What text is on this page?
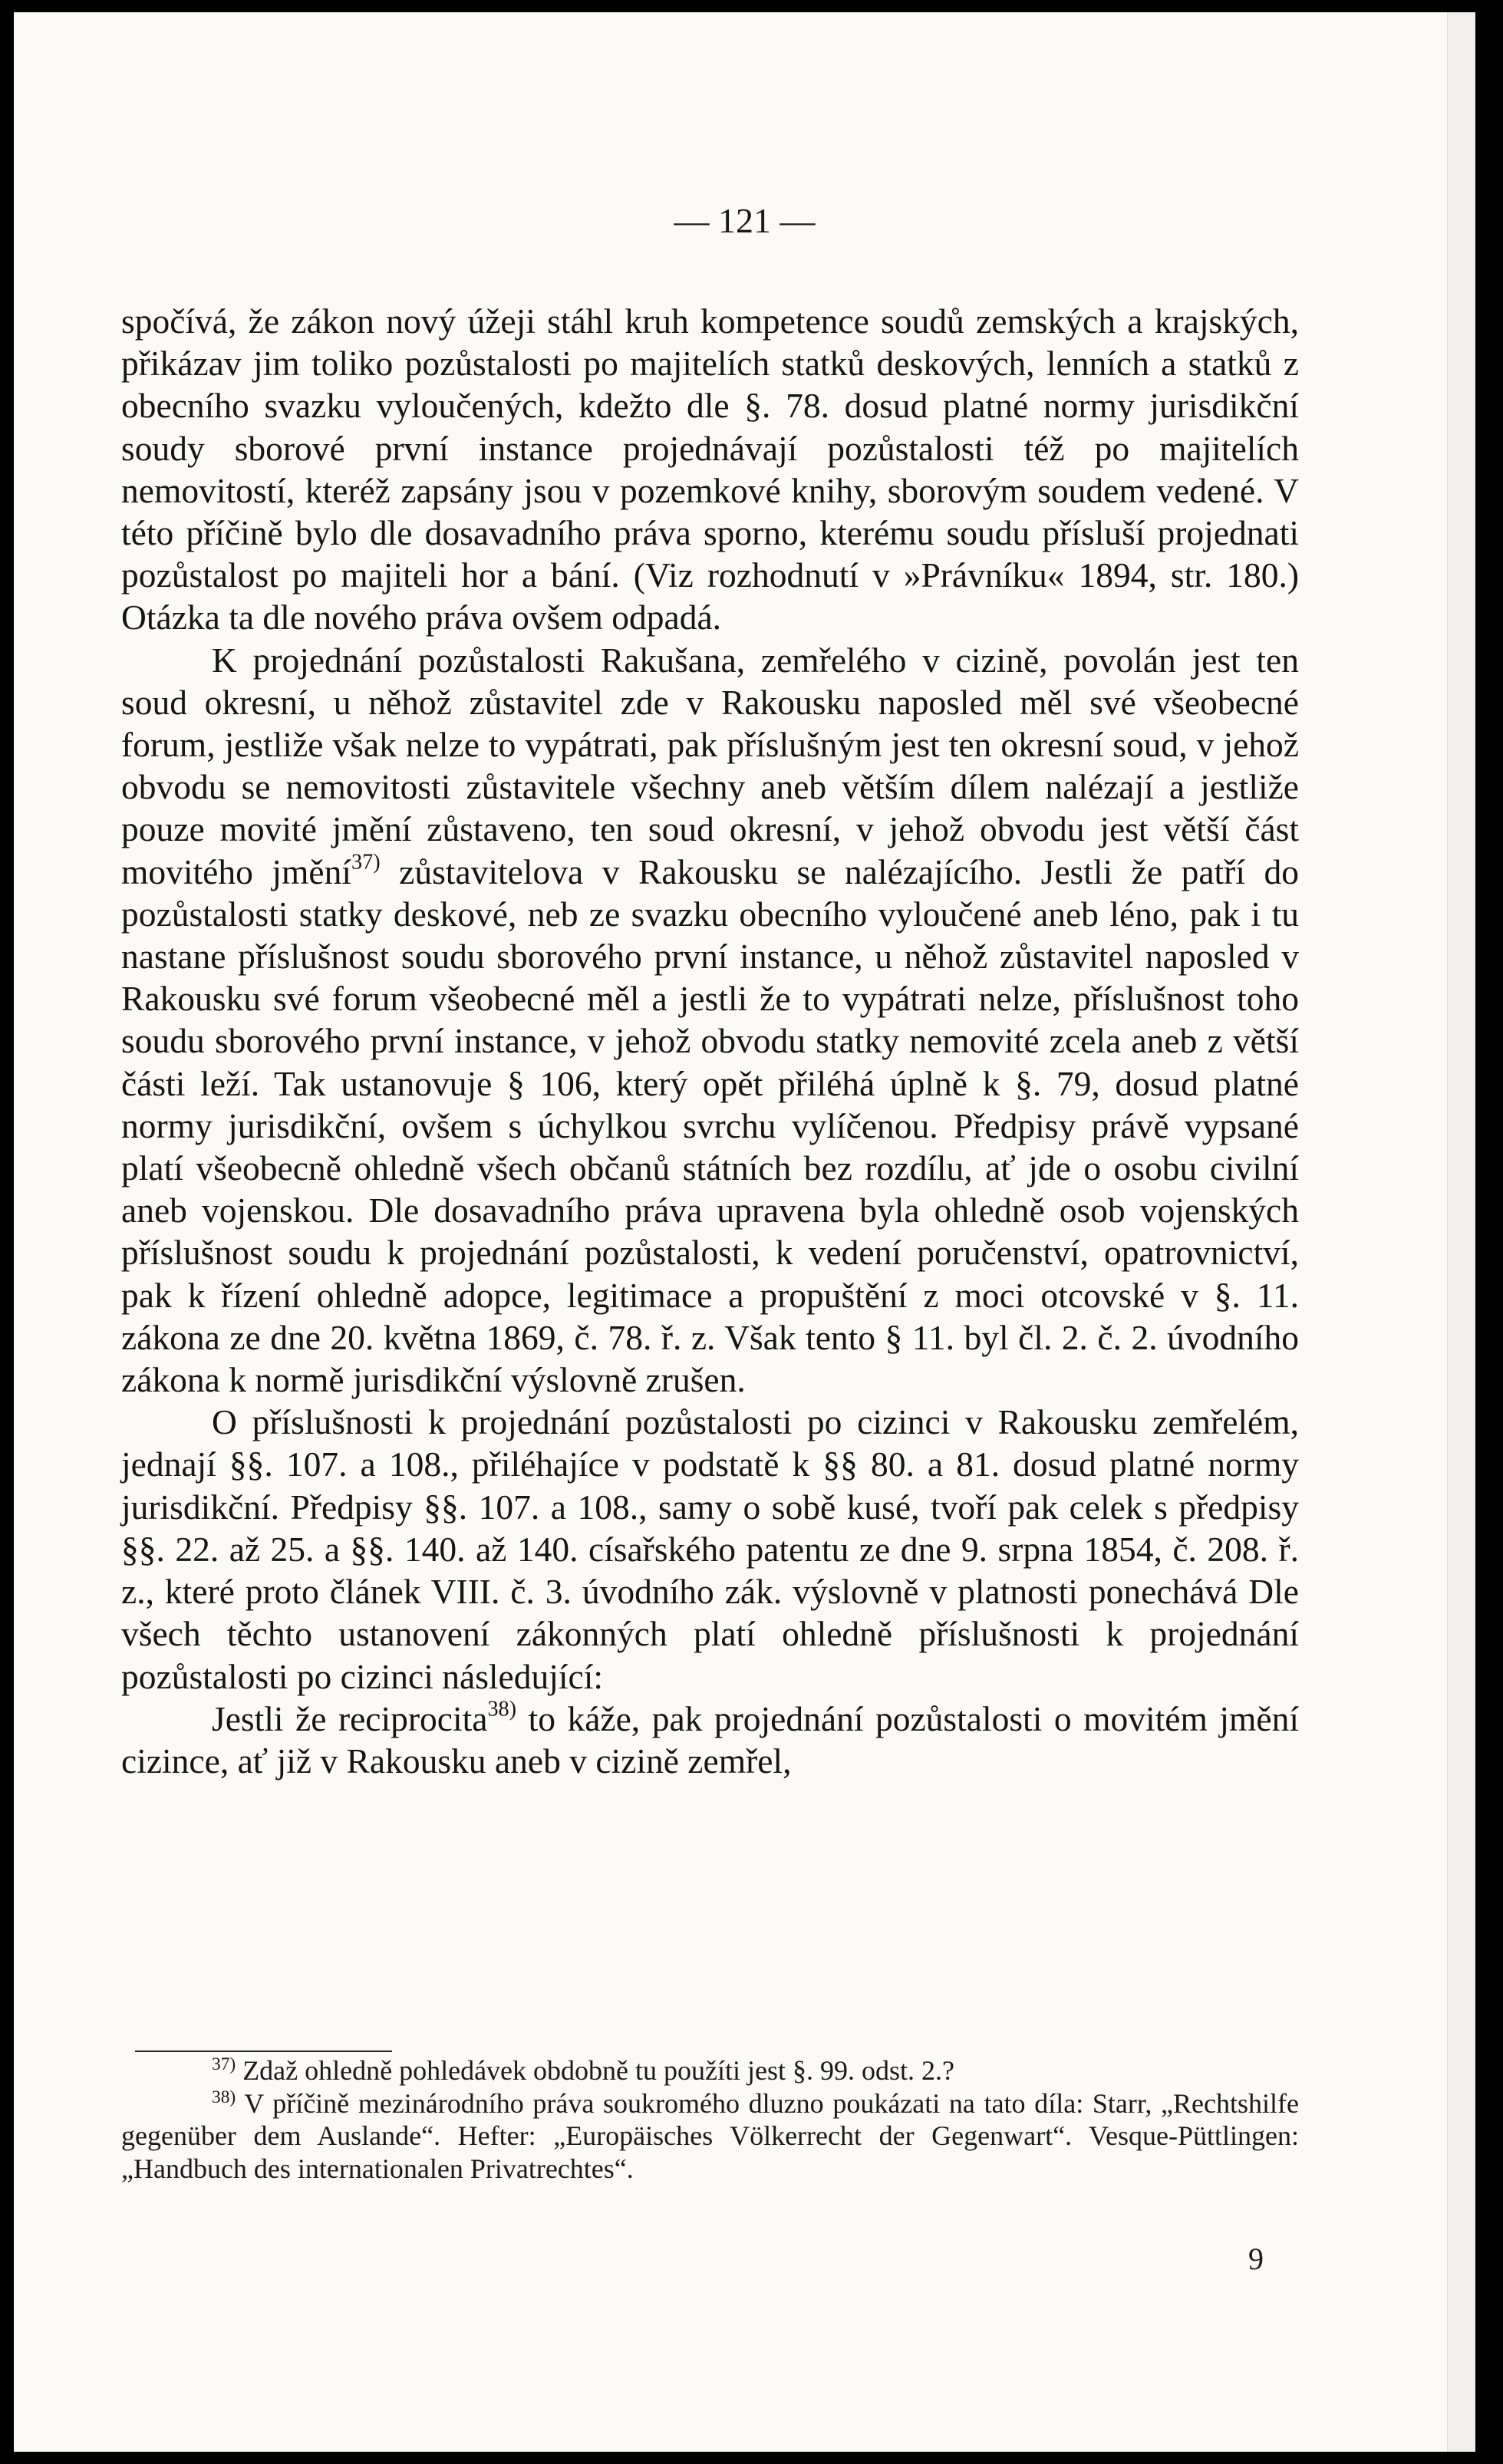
— 121 —

spočívá, že zákon nový úžeji stáhl kruh kompetence soudů zemských a krajských, přikázav jim toliko pozůstalosti po majitelích statků deskových, lenních a statků z obecního svazku vyloučených, kdežto dle §. 78. dosud platné normy jurisdikční soudy sborové první instance projednávají pozůstalosti též po majitelích nemovitostí, kteréž zapsány jsou v pozemkové knihy, sborovým soudem vedené. V této příčině bylo dle dosavadního práva sporno, kterému soudu přísluší projednati pozůstalost po majiteli hor a bání. (Viz rozhodnutí v »Právníku« 1894, str. 180.) Otázka ta dle nového práva ovšem odpadá.

K projednání pozůstalosti Rakušana, zemřelého v cizině, povolán jest ten soud okresní, u něhož zůstavitel zde v Rakousku naposled měl své všeobecné forum, jestliže však nelze to vypátrati, pak příslušným jest ten okresní soud, v jehož obvodu se nemovitosti zůstavitele všechny aneb větším dílem nalézají a jestliže pouze movité jmění zůstaveno, ten soud okresní, v jehož obvodu jest větší část movitého jmění$^{37)}$ zůstavitelova v Rakousku se nalézajícího. Jestli že patří do pozůstalosti statky deskové, neb ze svazku obecního vyloučené aneb léno, pak i tu nastane příslušnost soudu sborového první instance, u něhož zůstavitel naposled v Rakousku své forum všeobecné měl a jestli že to vypátrati nelze, příslušnost toho soudu sborového první instance, v jehož obvodu statky nemovité zcela aneb z větší části leží. Tak ustanovuje § 106, který opět přiléhá úplně k §. 79, dosud platné normy jurisdikční, ovšem s úchylkou svrchu vylíčenou. Předpisy právě vypsané platí všeobecně ohledně všech občanů státních bez rozdílu, ať jde o osobu civilní aneb vojenskou. Dle dosavadního práva upravena byla ohledně osob vojenských příslušnost soudu k projednání pozůstalosti, k vedení poručenství, opatrovnictví, pak k řízení ohledně adopce, legitimace a propuštění z moci otcovské v §. 11. zákona ze dne 20. května 1869, č. 78. ř. z. Však tento § 11. byl čl. 2. č. 2. úvodního zákona k normě jurisdikční výslovně zrušen.

O příslušnosti k projednání pozůstalosti po cizinci v Rakousku zemřelém, jednají §§. 107. a 108., přiléhajíce v podstatě k §§ 80. a 81. dosud platné normy jurisdikční. Předpisy §§. 107. a 108., samy o sobě kusé, tvoří pak celek s předpisy §§. 22. až 25. a §§. 140. až 140. císařského patentu ze dne 9. srpna 1854, č. 208. ř. z., které proto článek VIII. č. 3. úvodního zák. výslovně v platnosti ponechává Dle všech těchto ustanovení zákonných platí ohledně příslušnosti k projednání pozůstalosti po cizinci následující:

Jestli že reciprocita$^{38)}$ to káže, pak projednání pozůstalosti o movitém jmění cizince, ať již v Rakousku aneb v cizině zemřel,

$^{37)}$ Zdaž ohledně pohledávek obdobně tu použíti jest §. 99. odst. 2.?

$^{38)}$ V příčině mezinárodního práva soukromého dluzno poukázati na tato díla: Starr, „Rechtshilfe gegenüber dem Auslande“. Hefter: „Europäisches Völkerrecht der Gegenwart“. Vesque-Püttlingen: „Handbuch des internationalen Privatrechtes“.

9
